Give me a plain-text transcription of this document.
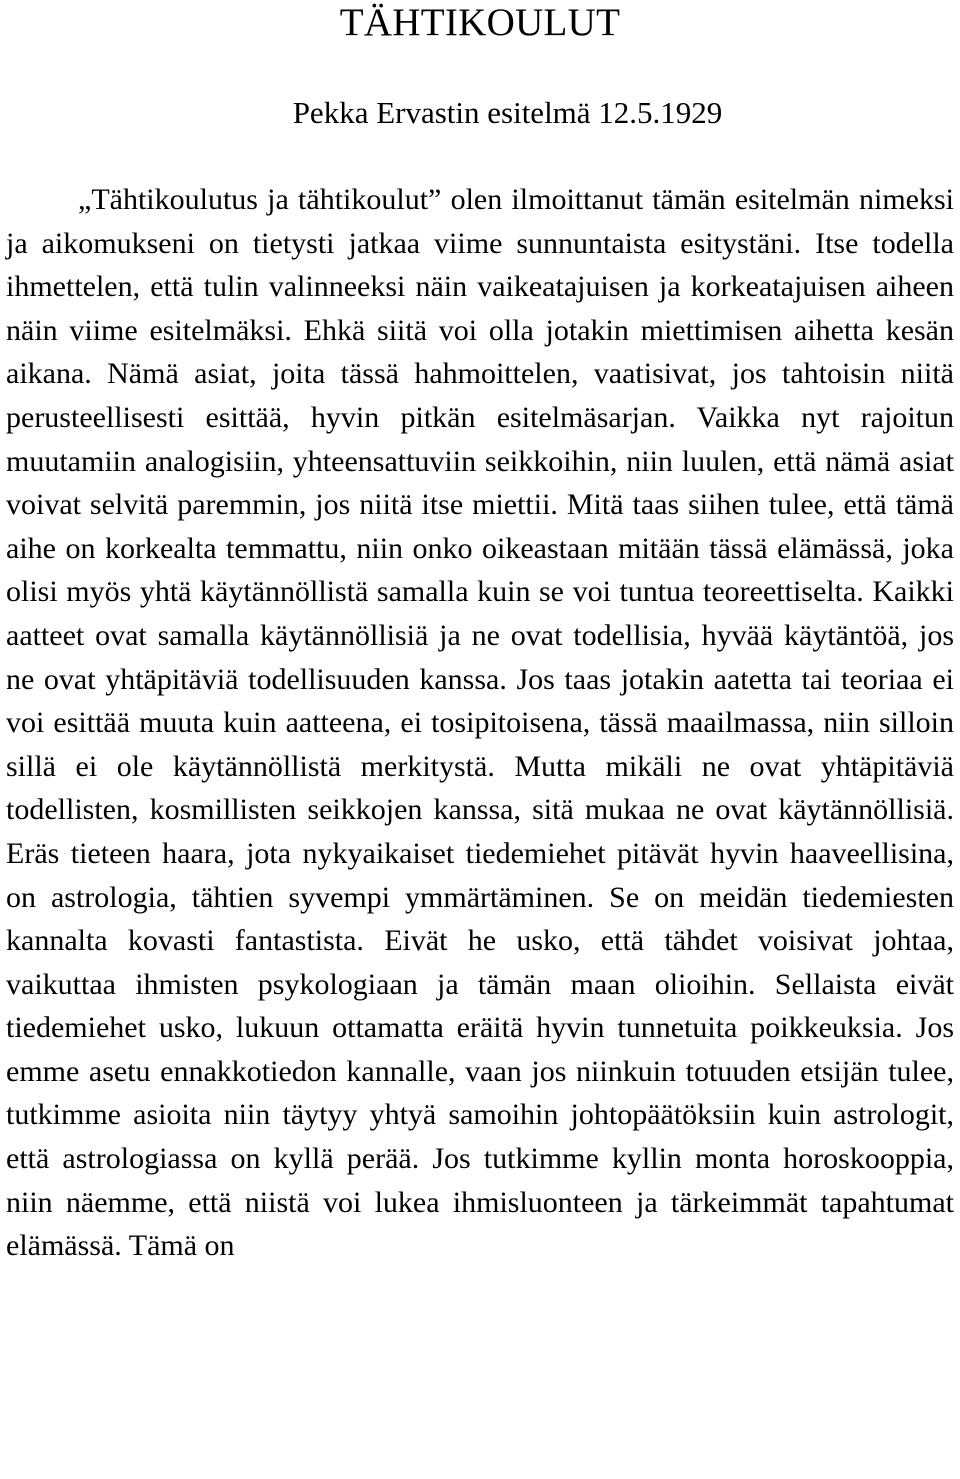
TÄHTIKOULUT

Pekka Ervastin esitelmä 12.5.1929

„Tähtikoulutus ja tähtikoulut” olen ilmoittanut tämän esitelmän nimeksi ja aikomukseni on tietysti jatkaa viime sunnuntaista esitystäni. Itse todella ihmettelen, että tulin valinneeksi näin vaikeatajuisen ja korkeatajuisen aiheen näin viime esitelmäksi. Ehkä siitä voi olla jotakin miettimisen aihetta kesän aikana. Nämä asiat, joita tässä hahmoittelen, vaatisivat, jos tahtoisin niitä perusteellisesti esittää, hyvin pitkän esitelmäsarjan. Vaikka nyt rajoitun muutamiin analogisiin, yhteensattuviin seikkoihin, niin luulen, että nämä asiat voivat selvitä paremmin, jos niitä itse miettii. Mitä taas siihen tulee, että tämä aihe on korkealta temmattu, niin onko oikeastaan mitään tässä elämässä, joka olisi myös yhtä käytännöllistä samalla kuin se voi tuntua teoreettiselta. Kaikki aatteet ovat samalla käytännöllisiä ja ne ovat todellisia, hyvää käytäntöä, jos ne ovat yhtäpitäviä todellisuuden kanssa. Jos taas jotakin aatetta tai teoriaa ei voi esittää muuta kuin aatteena, ei tosipitoisena, tässä maailmassa, niin silloin sillä ei ole käytännöllistä merkitystä. Mutta mikäli ne ovat yhtäpitäviä todellisten, kosmillisten seikkojen kanssa, sitä mukaa ne ovat käytännöllisiä. Eräs tieteen haara, jota nykyaikaiset tiedemiehet pitävät hyvin haaveellisina, on astrologia, tähtien syvempi ymmärtäminen. Se on meidän tiedemiesten kannalta kovasti fantastista. Eivät he usko, että tähdet voisivat johtaa, vaikuttaa ihmisten psykologiaan ja tämän maan olioihin. Sellaista eivät tiedemiehet usko, lukuun ottamatta eräitä hyvin tunnetuita poikkeuksia. Jos emme asetu ennakkotiedon kannalle, vaan jos niinkuin totuuden etsijän tulee, tutkimme asioita niin täytyy yhtyä samoihin johtopäätöksiin kuin astrologit, että astrologiassa on kyllä perää. Jos tutkimme kyllin monta horoskooppia, niin näemme, että niistä voi lukea ihmisluonteen ja tärkeimmät tapahtumat elämässä. Tämä on
